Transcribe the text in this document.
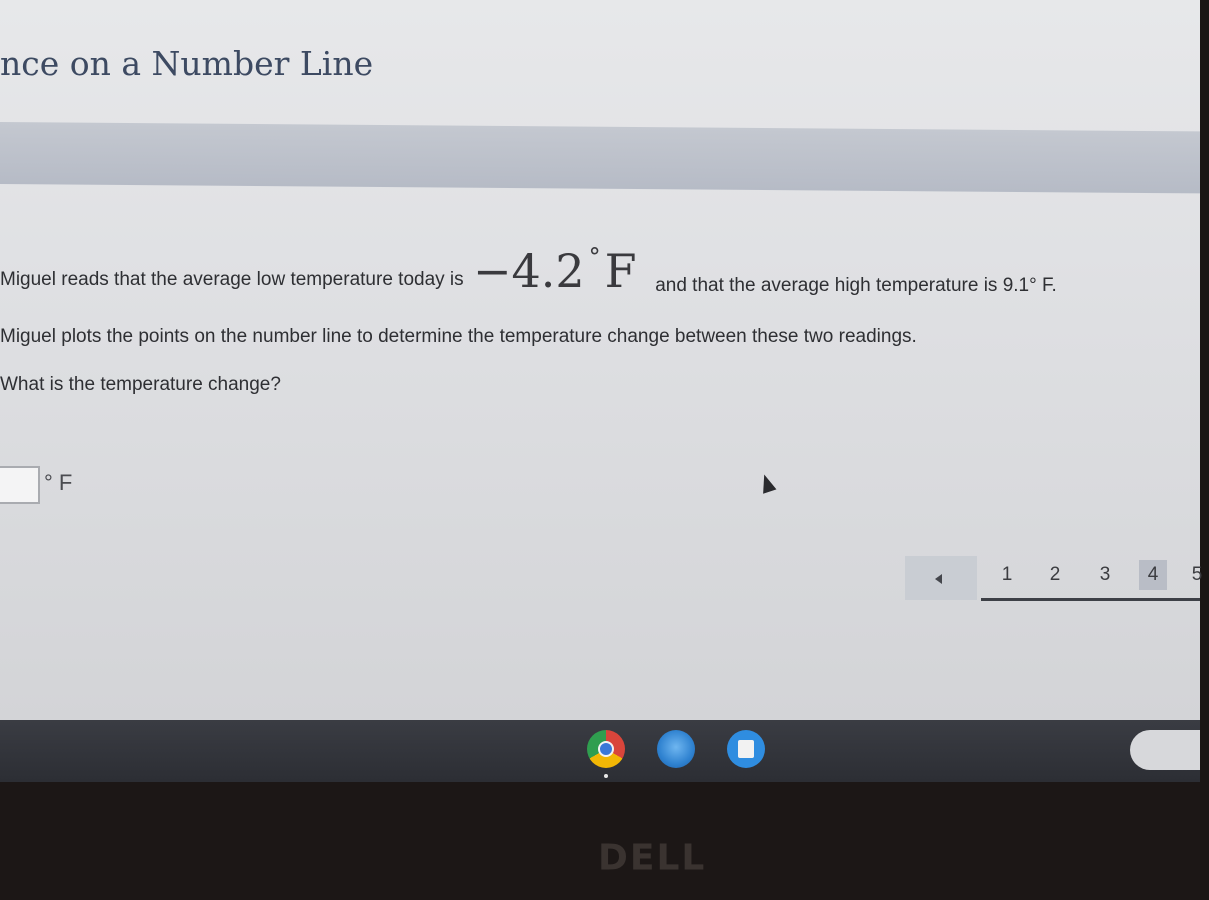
nce on a Number Line
Miguel reads that the average low temperature today is −4.2 °F and that the average high temperature is 9.1° F.
Miguel plots the points on the number line to determine the temperature change between these two readings.
What is the temperature change?
° F
1	2	3	4	5
DELL
